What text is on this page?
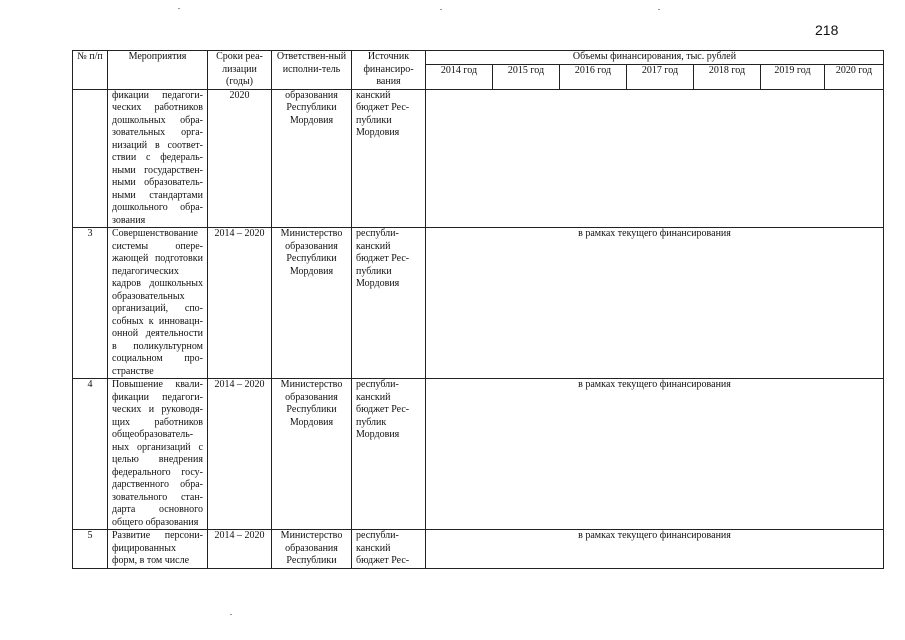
218
№ п/п	Мероприятия	Сроки реа-лизации (годы)	Ответствен-ный исполни-тель	Источник финансиро-вания	Объемы финансирования, тыс. рублей						
					2014 год	2015 год	2016 год	2017 год	2018 год	2019 год	2020 год
	фикации педагоги-ческих работников дошкольных обра-зовательных орга-низаций в соответ-ствии с федераль-ными государствен-ными образователь-ными стандартами дошкольного обра-зования	2020	образования Республики Мордовия	канский бюджет Рес-публики Мордовия							
3	Совершенствование системы опере-жающей подготовки педагогических кадров дошкольных образовательных организаций, спо-собных к инновацн-онной деятельности в поликультурном социальном про-странстве	2014 – 2020	Министерство образования Республики Мордовия	республи-канский бюджет Рес-публики Мордовия	в рамках текущего финансирования						
4	Повышение квали-фикации педагоги-ческих и руководя-щих работников общеобразователь-ных организаций с целью внедрения федерального госу-дарственного обра-зовательного стан-дарта основного общего образования	2014 – 2020	Министерство образования Республики Мордовия	республи-канский бюджет Рес-публик Мордовия	в рамках текущего финансирования						
5	Развитие персони-фицированных форм, в том числе	2014 – 2020	Министерство образования Республики	республи-канский бюджет Рес-	в рамках текущего финансирования						
